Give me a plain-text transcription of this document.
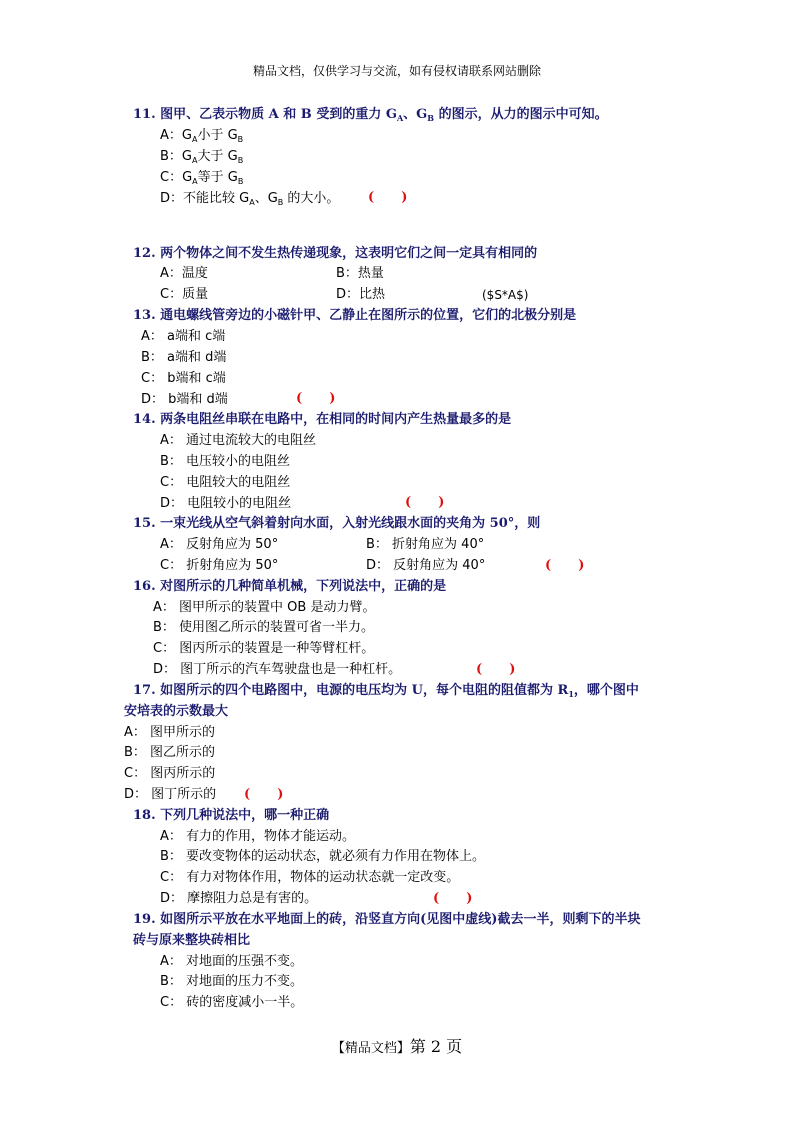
精品文档，仅供学习与交流，如有侵权请联系网站删除
11. 图甲、乙表示物质 A 和 B 受到的重力 $G_A$、$G_B$ 的图示，从力的图示中可知。
A：$G_A$小于 $G_B$
B：$G_A$大于 $G_B$
C：$G_A$等于 $G_B$
D：不能比较 $G_A$、$G_B$ 的大小。 (      )
12. 两个物体之间不发生热传递现象，这表明它们之间一定具有相同的
A：温度	B：热量
C：质量	D：比热	($S*A$)
13. 通电螺线管旁边的小磁针甲、乙静止在图所示的位置，它们的北极分别是
A： a端和 c端
B： a端和 d端
C： b端和 c端
D： b端和 d端	(      )
14. 两条电阻丝串联在电路中，在相同的时间内产生热量最多的是
A： 通过电流较大的电阻丝
B： 电压较小的电阻丝
C： 电阻较大的电阻丝
D： 电阻较小的电阻丝	(      )
15. 一束光线从空气斜着射向水面，入射光线跟水面的夹角为 50°，则
A： 反射角应为 50°	B： 折射角应为 40°
C： 折射角应为 50°	D： 反射角应为 40°	(      )
16. 对图所示的几种简单机械，下列说法中，正确的是
A： 图甲所示的装置中 OB 是动力臂。
B： 使用图乙所示的装置可省一半力。
C： 图丙所示的装置是一种等臂杠杆。
D： 图丁所示的汽车驾驶盘也是一种杠杆。	(      )
17. 如图所示的四个电路图中，电源的电压均为 U，每个电阻的阻值都为 $R_1$，哪个图中
安培表的示数最大
A： 图甲所示的
B： 图乙所示的
C： 图丙所示的
D： 图丁所示的 (      )
18. 下列几种说法中，哪一种正确
A： 有力的作用，物体才能运动。
B： 要改变物体的运动状态，就必须有力作用在物体上。
C： 有力对物体作用，物体的运动状态就一定改变。
D： 摩擦阻力总是有害的。	(      )
19. 如图所示平放在水平地面上的砖，沿竖直方向(见图中虚线)截去一半，则剩下的半块
砖与原来整块砖相比
A： 对地面的压强不变。
B： 对地面的压力不变。
C： 砖的密度减小一半。
【精品文档】第 2 页
